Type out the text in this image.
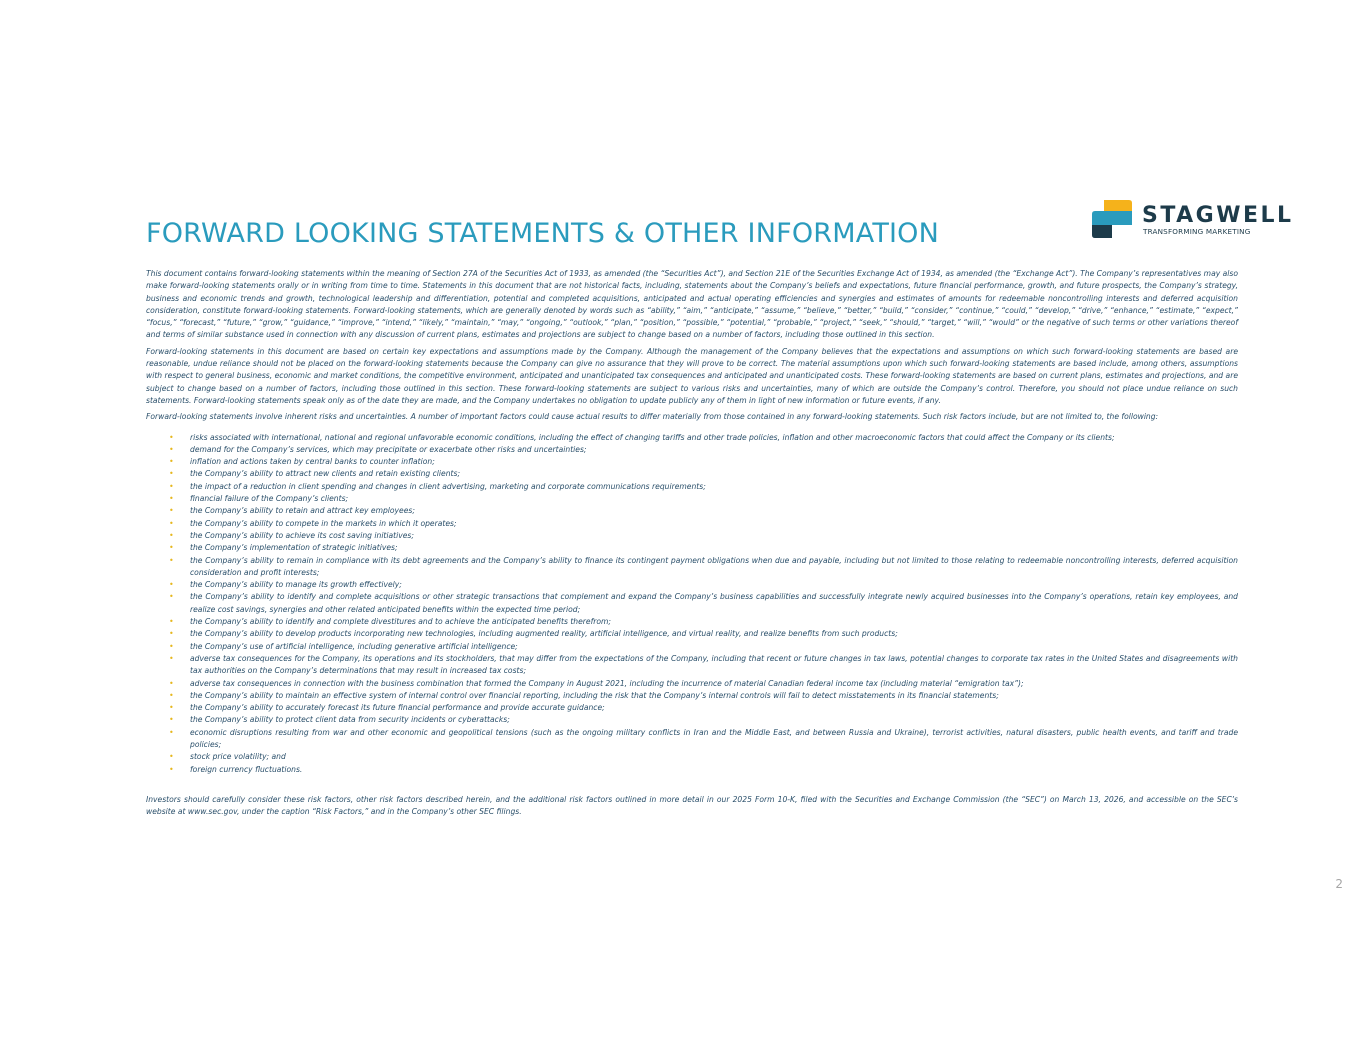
FORWARD LOOKING STATEMENTS & OTHER INFORMATION
STAGWELL
TRANSFORMING MARKETING

This document contains forward-looking statements within the meaning of Section 27A of the Securities Act of 1933, as amended (the “Securities Act”), and Section 21E of the Securities Exchange Act of 1934, as amended (the “Exchange Act”). The Company’s representatives may also make forward-looking statements orally or in writing from time to time. Statements in this document that are not historical facts, including, statements about the Company’s beliefs and expectations, future financial performance, growth, and future prospects, the Company’s strategy, business and economic trends and growth, technological leadership and differentiation, potential and completed acquisitions, anticipated and actual operating efficiencies and synergies and estimates of amounts for redeemable noncontrolling interests and deferred acquisition consideration, constitute forward-looking statements. Forward-looking statements, which are generally denoted by words such as “ability,” “aim,” “anticipate,” “assume,” “believe,” “better,” “build,” “consider,” “continue,” “could,” “develop,” “drive,” “enhance,” “estimate,” “expect,” “focus,” “forecast,” “future,” “grow,” “guidance,” “improve,” “intend,” “likely,” “maintain,” “may,” “ongoing,” “outlook,” “plan,” “position,” “possible,” “potential,” “probable,” “project,” “seek,” “should,” “target,” “will,” “would” or the negative of such terms or other variations thereof and terms of similar substance used in connection with any discussion of current plans, estimates and projections are subject to change based on a number of factors, including those outlined in this section.

Forward-looking statements in this document are based on certain key expectations and assumptions made by the Company. Although the management of the Company believes that the expectations and assumptions on which such forward-looking statements are based are reasonable, undue reliance should not be placed on the forward-looking statements because the Company can give no assurance that they will prove to be correct. The material assumptions upon which such forward-looking statements are based include, among others, assumptions with respect to general business, economic and market conditions, the competitive environment, anticipated and unanticipated tax consequences and anticipated and unanticipated costs. These forward-looking statements are based on current plans, estimates and projections, and are subject to change based on a number of factors, including those outlined in this section. These forward-looking statements are subject to various risks and uncertainties, many of which are outside the Company’s control. Therefore, you should not place undue reliance on such statements. Forward-looking statements speak only as of the date they are made, and the Company undertakes no obligation to update publicly any of them in light of new information or future events, if any.

Forward-looking statements involve inherent risks and uncertainties. A number of important factors could cause actual results to differ materially from those contained in any forward-looking statements. Such risk factors include, but are not limited to, the following:

• risks associated with international, national and regional unfavorable economic conditions, including the effect of changing tariffs and other trade policies, inflation and other macroeconomic factors that could affect the Company or its clients;
• demand for the Company’s services, which may precipitate or exacerbate other risks and uncertainties;
• inflation and actions taken by central banks to counter inflation;
• the Company’s ability to attract new clients and retain existing clients;
• the impact of a reduction in client spending and changes in client advertising, marketing and corporate communications requirements;
• financial failure of the Company’s clients;
• the Company’s ability to retain and attract key employees;
• the Company’s ability to compete in the markets in which it operates;
• the Company’s ability to achieve its cost saving initiatives;
• the Company’s implementation of strategic initiatives;
• the Company’s ability to remain in compliance with its debt agreements and the Company’s ability to finance its contingent payment obligations when due and payable, including but not limited to those relating to redeemable noncontrolling interests, deferred acquisition consideration and profit interests;
• the Company’s ability to manage its growth effectively;
• the Company’s ability to identify and complete acquisitions or other strategic transactions that complement and expand the Company’s business capabilities and successfully integrate newly acquired businesses into the Company’s operations, retain key employees, and realize cost savings, synergies and other related anticipated benefits within the expected time period;
• the Company’s ability to identify and complete divestitures and to achieve the anticipated benefits therefrom;
• the Company’s ability to develop products incorporating new technologies, including augmented reality, artificial intelligence, and virtual reality, and realize benefits from such products;
• the Company’s use of artificial intelligence, including generative artificial intelligence;
• adverse tax consequences for the Company, its operations and its stockholders, that may differ from the expectations of the Company, including that recent or future changes in tax laws, potential changes to corporate tax rates in the United States and disagreements with tax authorities on the Company’s determinations that may result in increased tax costs;
• adverse tax consequences in connection with the business combination that formed the Company in August 2021, including the incurrence of material Canadian federal income tax (including material “emigration tax”);
• the Company’s ability to maintain an effective system of internal control over financial reporting, including the risk that the Company’s internal controls will fail to detect misstatements in its financial statements;
• the Company’s ability to accurately forecast its future financial performance and provide accurate guidance;
• the Company’s ability to protect client data from security incidents or cyberattacks;
• economic disruptions resulting from war and other economic and geopolitical tensions (such as the ongoing military conflicts in Iran and the Middle East, and between Russia and Ukraine), terrorist activities, natural disasters, public health events, and tariff and trade policies;
• stock price volatility; and
• foreign currency fluctuations.

Investors should carefully consider these risk factors, other risk factors described herein, and the additional risk factors outlined in more detail in our 2025 Form 10-K, filed with the Securities and Exchange Commission (the “SEC”) on March 13, 2026, and accessible on the SEC’s website at www.sec.gov, under the caption “Risk Factors,” and in the Company’s other SEC filings.

2
